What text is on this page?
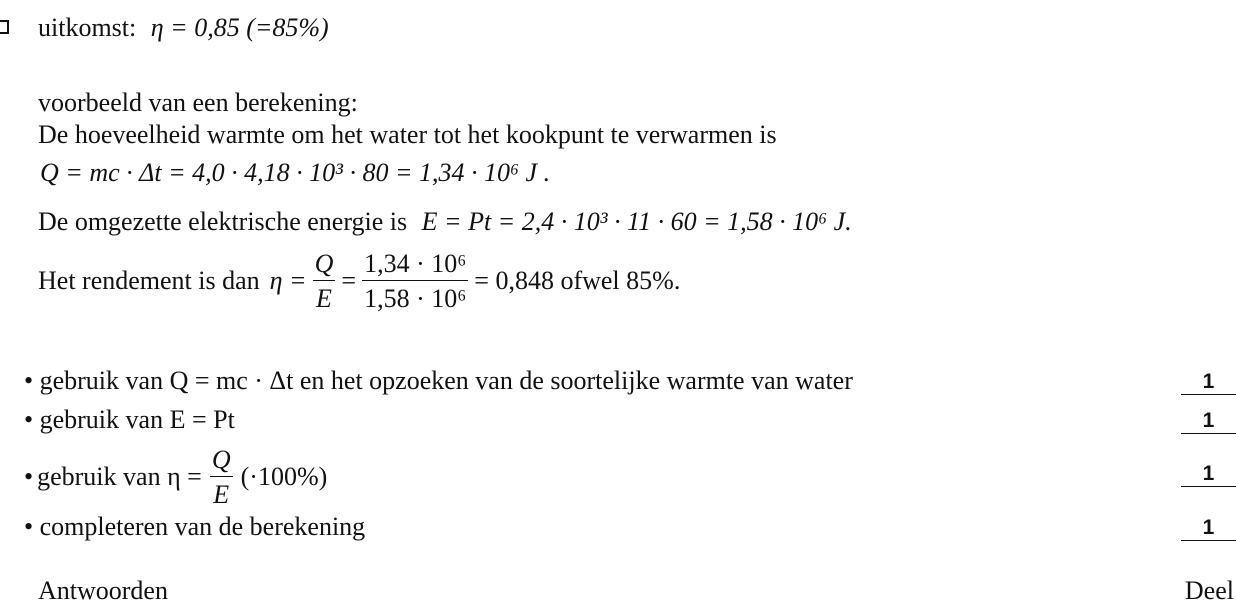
uitkomst: η = 0,85 (=85%)
voorbeeld van een berekening:
De hoeveelheid warmte om het water tot het kookpunt te verwarmen is
Q = mc · Δt = 4,0 · 4,18 · 10³ · 80 = 1,34 · 10⁶ J .
De omgezette elektrische energie is E = Pt = 2,4 · 10³ · 11 · 60 = 1,58 · 10⁶ J.
Het rendement is dan $\eta = \frac{Q}{E} = \frac{\text{1,34 · 10⁶}}{\text{1,58 · 10⁶}} = 0,848$ ofwel 85%.
• gebruik van Q = mc · Δt en het opzoeken van de soortelijke warmte van water	1
• gebruik van E = Pt	1
• gebruik van $\eta = \frac{Q}{E} (\cdot 100\%)$	1
• completeren van de berekening	1
Antwoorden	Deel
